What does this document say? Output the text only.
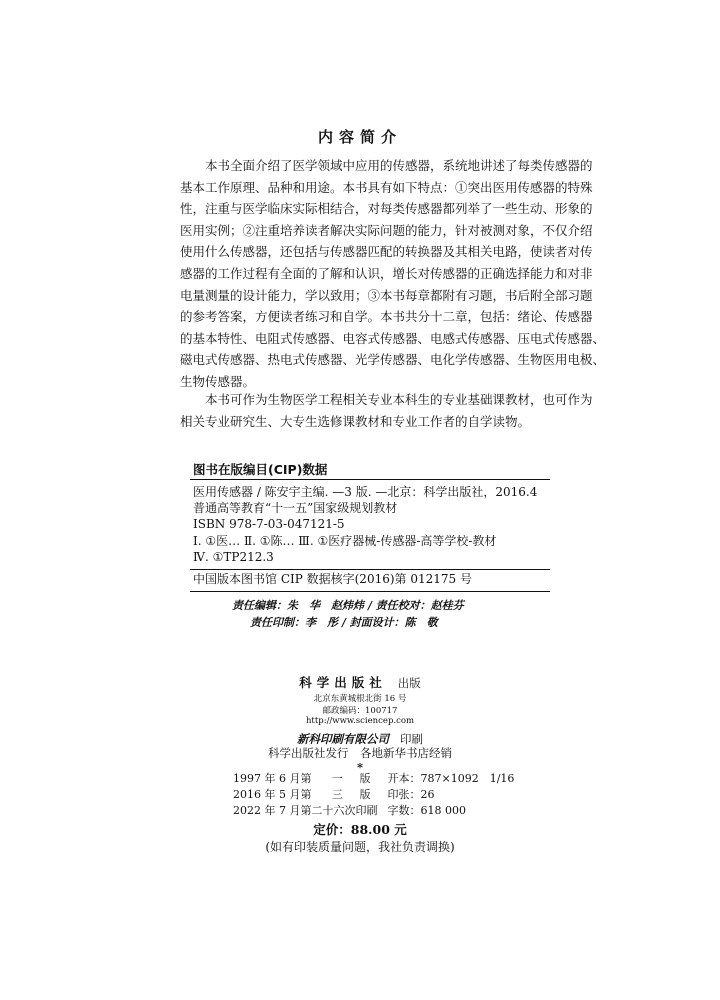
内容简介
本书全面介绍了医学领域中应用的传感器，系统地讲述了每类传感器的
基本工作原理、品种和用途。本书具有如下特点：①突出医用传感器的特殊
性，注重与医学临床实际相结合，对每类传感器都列举了一些生动、形象的
医用实例；②注重培养读者解决实际问题的能力，针对被测对象，不仅介绍
使用什么传感器，还包括与传感器匹配的转换器及其相关电路，使读者对传
感器的工作过程有全面的了解和认识，增长对传感器的正确选择能力和对非
电量测量的设计能力，学以致用；③本书每章都附有习题，书后附全部习题
的参考答案，方便读者练习和自学。本书共分十二章，包括：绪论、传感器
的基本特性、电阻式传感器、电容式传感器、电感式传感器、压电式传感器、
磁电式传感器、热电式传感器、光学传感器、电化学传感器、生物医用电极、
生物传感器。
本书可作为生物医学工程相关专业本科生的专业基础课教材，也可作为
相关专业研究生、大专生选修课教材和专业工作者的自学读物。
图书在版编目(CIP)数据
医用传感器 / 陈安宇主编. —3 版. —北京：科学出版社，2016.4
普通高等教育“十一五”国家级规划教材
ISBN 978-7-03-047121-5
Ⅰ. ①医… Ⅱ. ①陈… Ⅲ. ①医疗器械-传感器-高等学校-教材
Ⅳ. ①TP212.3
中国版本图书馆 CIP 数据核字(2016)第 012175 号
责任编辑：朱　华　赵炜炜 / 责任校对：赵桂芬
责任印制：李　彤 / 封面设计：陈　敬
科学出版社 出版
北京东黄城根北街 16 号
邮政编码：100717
http://www.sciencep.com
新科印刷有限公司 印刷
科学出版社发行　各地新华书店经销
*
1997 年 6 月第	一	版	开本：787×1092　1/16
2016 年 5 月第	三	版	印张：26
2022 年 7 月第二十六次印刷			字数：618 000
定价：88.00 元
(如有印装质量问题，我社负责调换)
